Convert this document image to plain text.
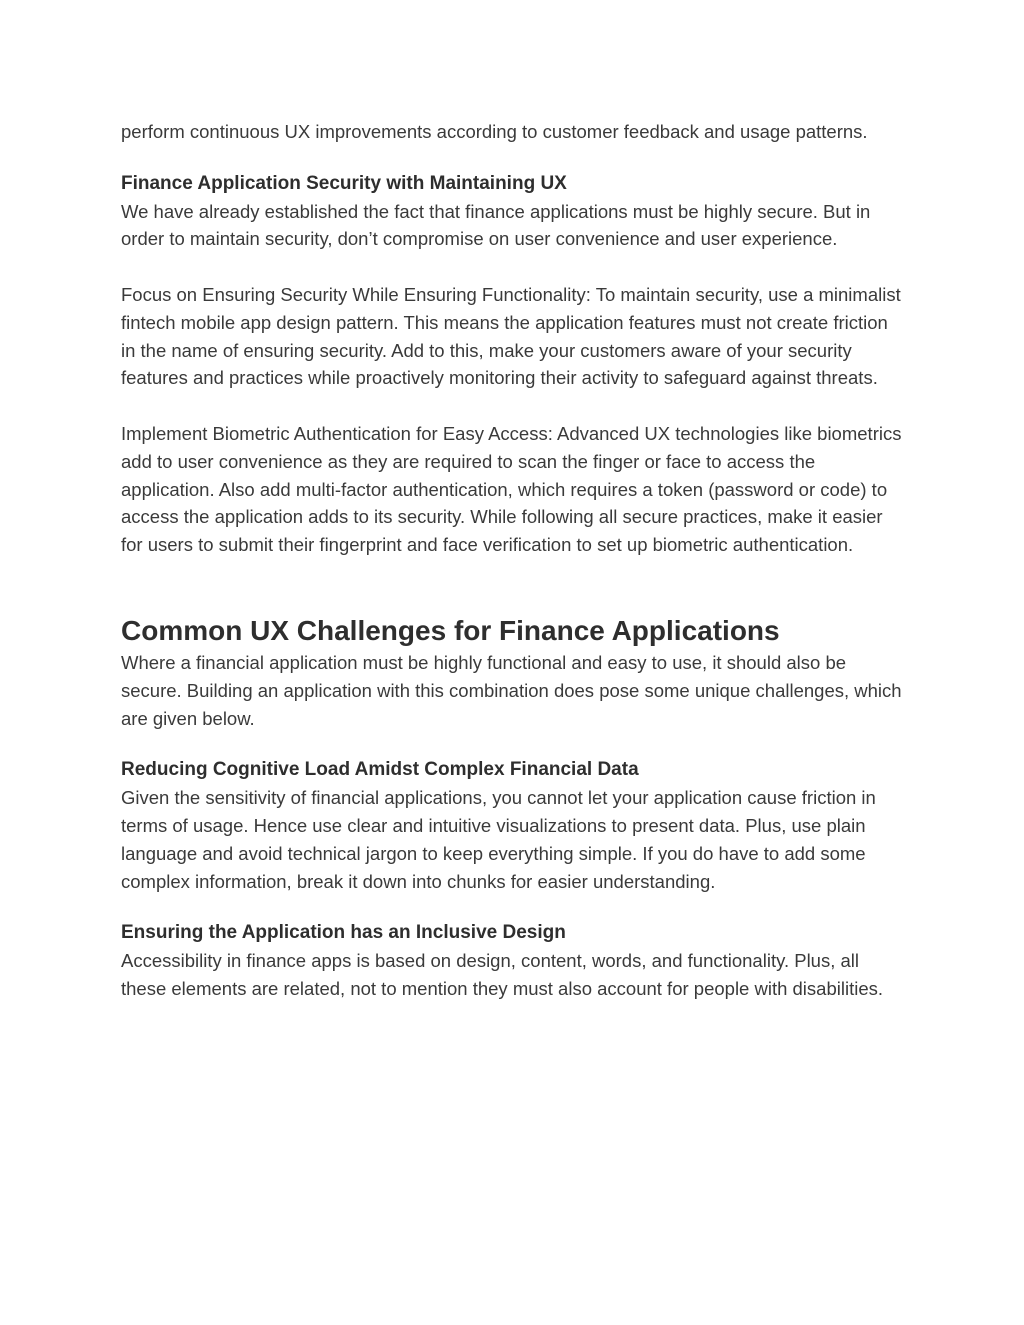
perform continuous UX improvements according to customer feedback and usage patterns.

Finance Application Security with Maintaining UX

We have already established the fact that finance applications must be highly secure. But in order to maintain security, don’t compromise on user convenience and user experience.

Focus on Ensuring Security While Ensuring Functionality: To maintain security, use a minimalist fintech mobile app design pattern. This means the application features must not create friction in the name of ensuring security. Add to this, make your customers aware of your security features and practices while proactively monitoring their activity to safeguard against threats.

Implement Biometric Authentication for Easy Access: Advanced UX technologies like biometrics add to user convenience as they are required to scan the finger or face to access the application. Also add multi-factor authentication, which requires a token (password or code) to access the application adds to its security. While following all secure practices, make it easier for users to submit their fingerprint and face verification to set up biometric authentication.

Common UX Challenges for Finance Applications

Where a financial application must be highly functional and easy to use, it should also be secure. Building an application with this combination does pose some unique challenges, which are given below.

Reducing Cognitive Load Amidst Complex Financial Data

Given the sensitivity of financial applications, you cannot let your application cause friction in terms of usage. Hence use clear and intuitive visualizations to present data. Plus, use plain language and avoid technical jargon to keep everything simple. If you do have to add some complex information, break it down into chunks for easier understanding.

Ensuring the Application has an Inclusive Design

Accessibility in finance apps is based on design, content, words, and functionality. Plus, all these elements are related, not to mention they must also account for people with disabilities.
